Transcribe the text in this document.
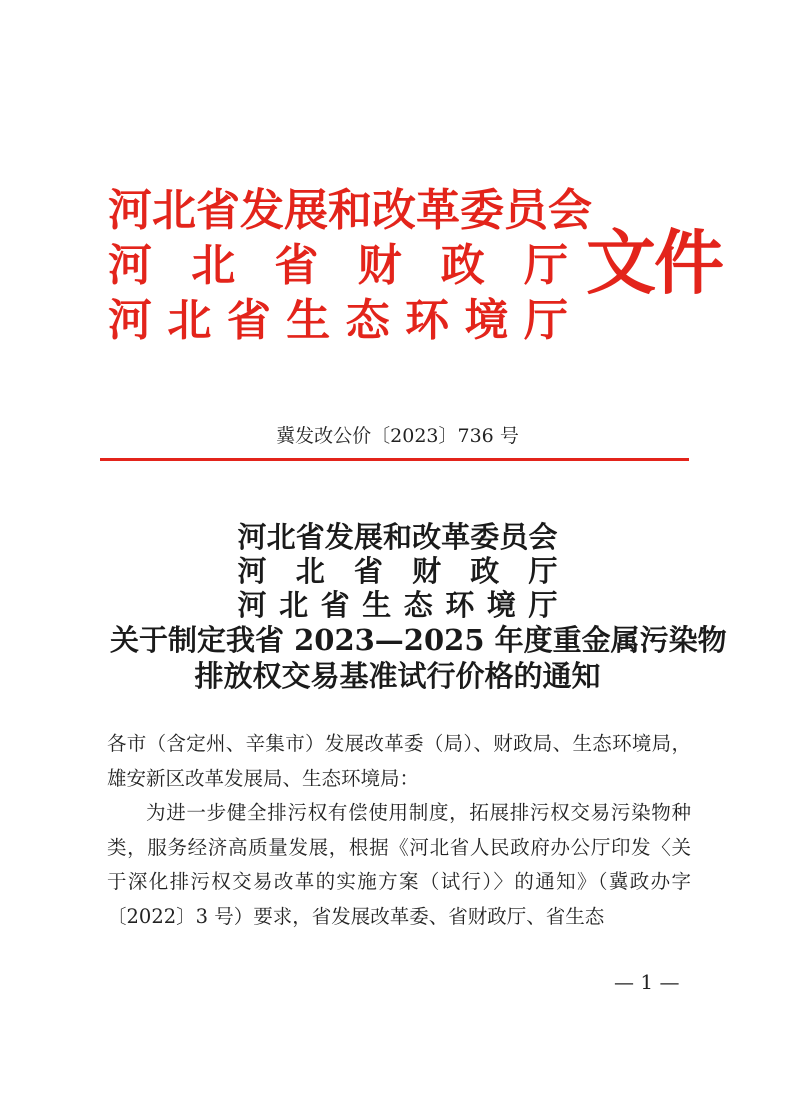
河 北 省 发 展 和 改 革 委 员 会
河 北 省 财 政 厅
河 北 省 生 态 环 境 厅
文件
冀发改公价〔2023〕736 号
河 北 省 发 展 和 改 革 委 员 会
河 北 省 财 政 厅
河 北 省 生 态 环 境 厅
关于制定我省 2023—2025 年度重金属污染物
排放权交易基准试行价格的通知

各市（含定州、辛集市）发展改革委（局）、财政局、生态环境局，雄安新区改革发展局、生态环境局：

为进一步健全排污权有偿使用制度，拓展排污权交易污染物种类，服务经济高质量发展，根据《河北省人民政府办公厅印发〈关于深化排污权交易改革的实施方案（试行）〉的通知》（冀政办字〔2022〕3 号）要求，省发展改革委、省财政厅、省生态

— 1 —
